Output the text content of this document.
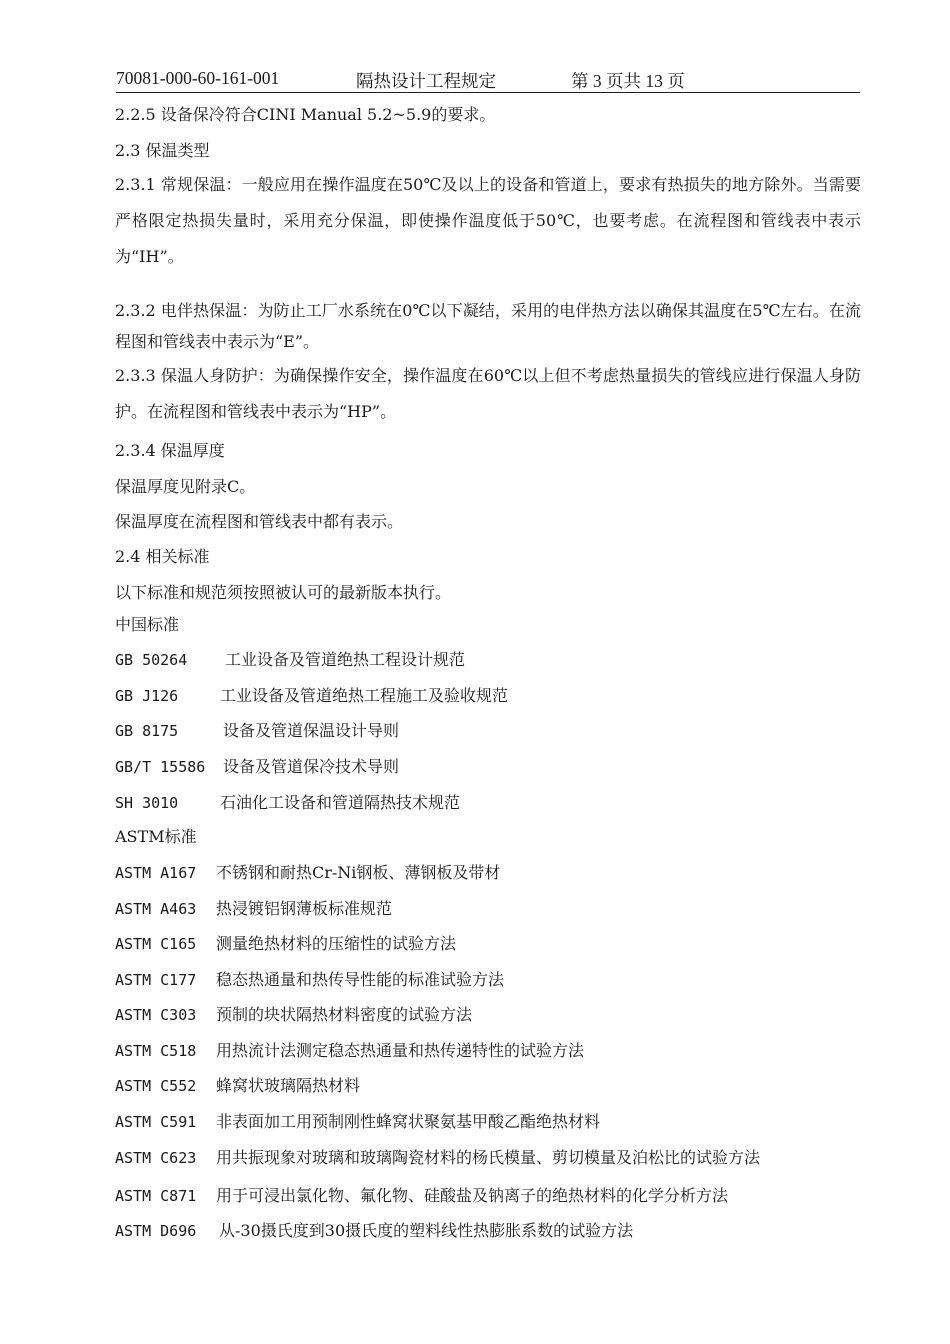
70081-000-60-161-001	隔热设计工程规定	第 3 页共 13 页
2.2.5 设备保冷符合CINI Manual 5.2~5.9的要求。
2.3 保温类型
2.3.1 常规保温：一般应用在操作温度在50℃及以上的设备和管道上，要求有热损失的地方除外。当需要严格限定热损失量时，采用充分保温，即使操作温度低于50℃，也要考虑。在流程图和管线表中表示为“IH”。
2.3.2 电伴热保温：为防止工厂水系统在0℃以下凝结，采用的电伴热方法以确保其温度在5℃左右。在流程图和管线表中表示为“E”。
2.3.3 保温人身防护：为确保操作安全，操作温度在60℃以上但不考虑热量损失的管线应进行保温人身防护。在流程图和管线表中表示为“HP”。
2.3.4 保温厚度
保温厚度见附录C。
保温厚度在流程图和管线表中都有表示。
2.4 相关标准
以下标准和规范须按照被认可的最新版本执行。
中国标准
GB 50264 工业设备及管道绝热工程设计规范
GB J126	工业设备及管道绝热工程施工及验收规范
GB 8175	设备及管道保温设计导则
GB/T 15586 设备及管道保冷技术导则
SH 3010	石油化工设备和管道隔热技术规范
ASTM标准
ASTM A167 不锈钢和耐热Cr-Ni钢板、薄钢板及带材
ASTM A463 热浸镀铝钢薄板标准规范
ASTM C165 测量绝热材料的压缩性的试验方法
ASTM C177 稳态热通量和热传导性能的标准试验方法
ASTM C303 预制的块状隔热材料密度的试验方法
ASTM C518 用热流计法测定稳态热通量和热传递特性的试验方法
ASTM C552 蜂窝状玻璃隔热材料
ASTM C591 非表面加工用预制刚性蜂窝状聚氨基甲酸乙酯绝热材料
ASTM C623 用共振现象对玻璃和玻璃陶瓷材料的杨氏模量、剪切模量及泊松比的试验方法
ASTM C871 用于可浸出氯化物、氟化物、硅酸盐及钠离子的绝热材料的化学分析方法
ASTM D696 从-30摄氏度到30摄氏度的塑料线性热膨胀系数的试验方法
